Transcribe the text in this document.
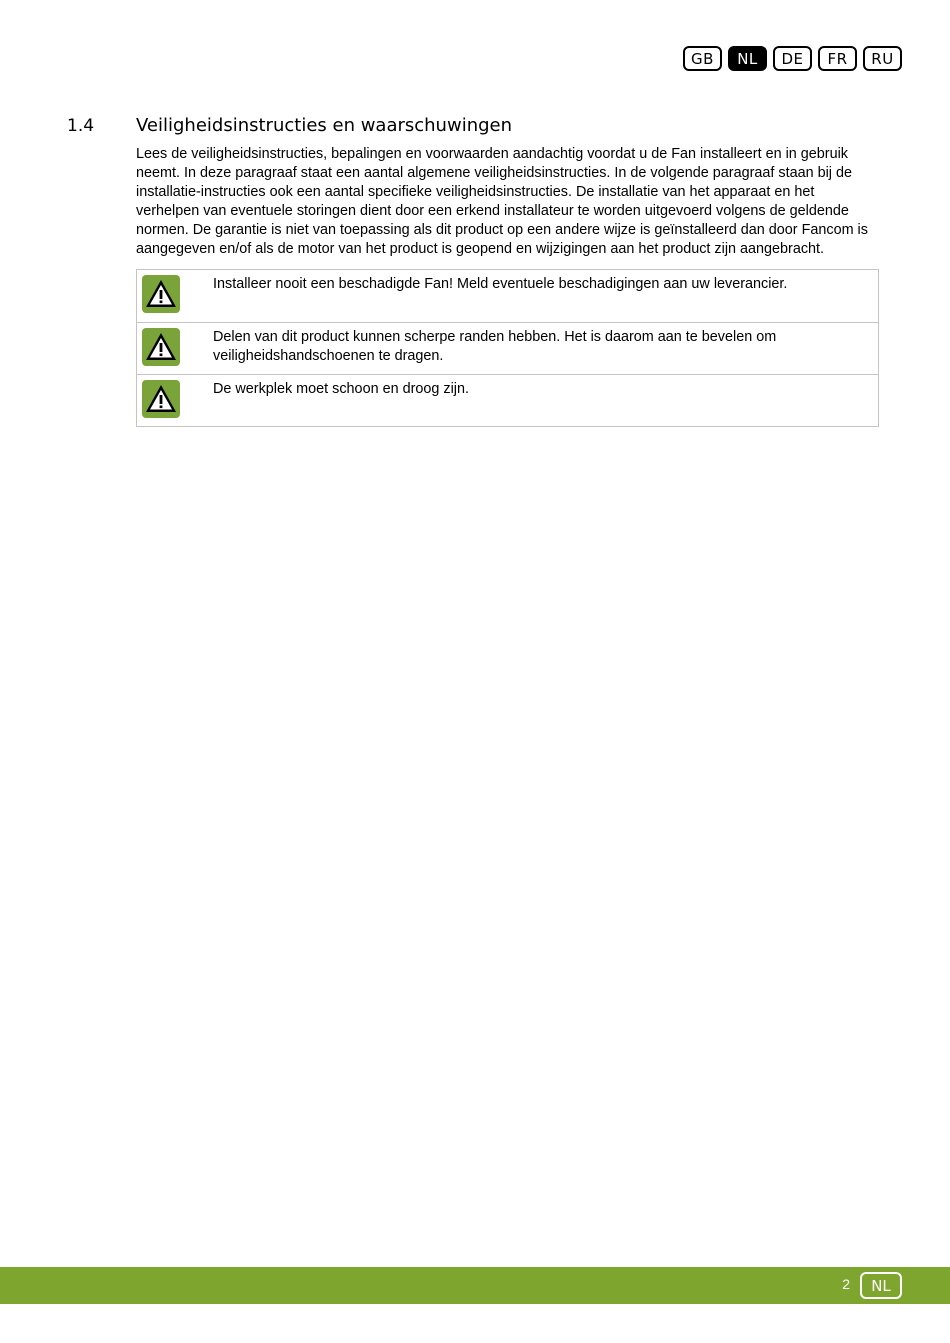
GB	NL	DE	FR	RU
1.4 Veiligheidsinstructies en waarschuwingen

Lees de veiligheidsinstructies, bepalingen en voorwaarden aandachtig voordat u de Fan installeert en in gebruik neemt. In deze paragraaf staat een aantal algemene veiligheidsinstructies. In de volgende paragraaf staan bij de installatie-instructies ook een aantal specifieke veiligheidsinstructies. De installatie van het apparaat en het verhelpen van eventuele storingen dient door een erkend installateur te worden uitgevoerd volgens de geldende normen. De garantie is niet van toepassing als dit product op een andere wijze is geïnstalleerd dan door Fancom is aangegeven en/of als de motor van het product is geopend en wijzigingen aan het product zijn aangebracht.

	Installeer nooit een beschadigde Fan! Meld eventuele beschadigingen aan uw leverancier.

	Delen van dit product kunnen scherpe randen hebben. Het is daarom aan te bevelen om veiligheidshandschoenen te dragen.

	De werkplek moet schoon en droog zijn.
2	NL
